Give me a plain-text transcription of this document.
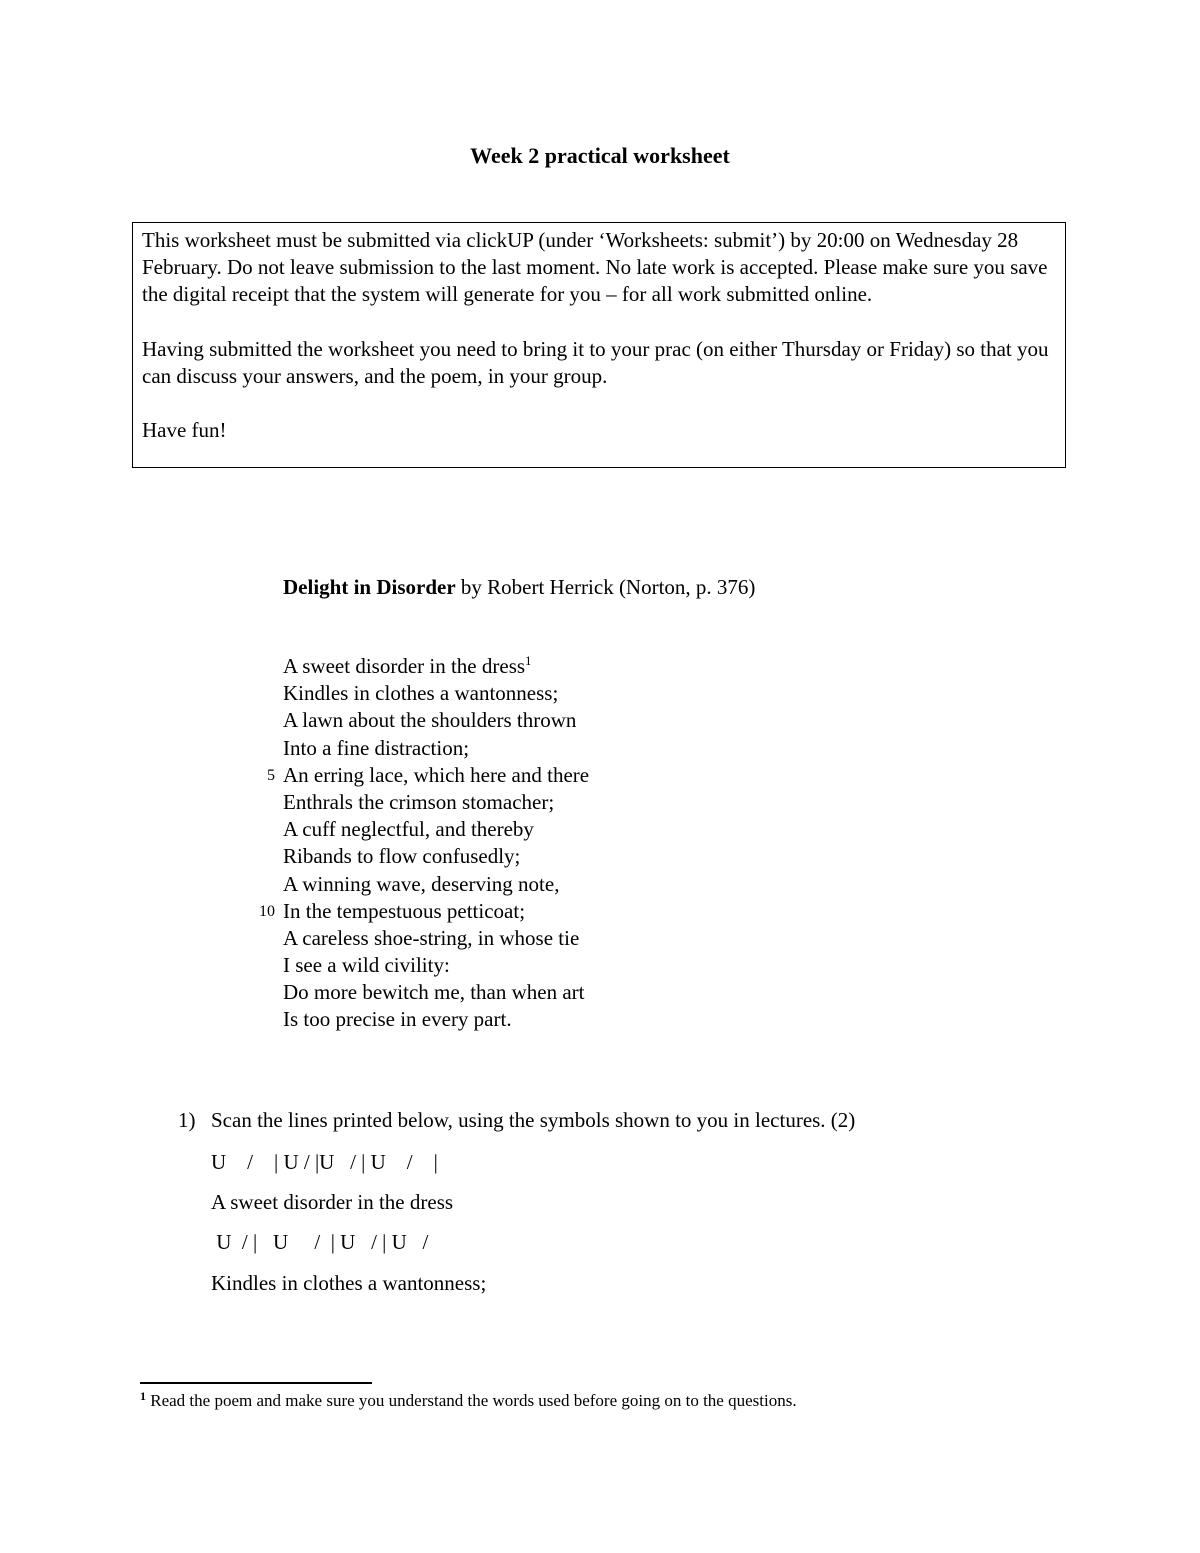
Week 2 practical worksheet

This worksheet must be submitted via clickUP (under ‘Worksheets: submit’) by 20:00 on Wednesday 28 February. Do not leave submission to the last moment. No late work is accepted. Please make sure you save the digital receipt that the system will generate for you – for all work submitted online.

Having submitted the worksheet you need to bring it to your prac (on either Thursday or Friday) so that you can discuss your answers, and the poem, in your group.

Have fun!

Delight in Disorder by Robert Herrick (Norton, p. 376)
A sweet disorder in the dress$^1$
Kindles in clothes a wantonness;
A lawn about the shoulders thrown
Into a fine distraction;
5 An erring lace, which here and there
Enthrals the crimson stomacher;
A cuff neglectful, and thereby
Ribands to flow confusedly;
A winning wave, deserving note,
10 In the tempestuous petticoat;
A careless shoe-string, in whose tie
I see a wild civility:
Do more bewitch me, than when art
Is too precise in every part.
1) Scan the lines printed below, using the symbols shown to you in lectures. (2)
U    /    | U / |U   / | U    /    |
A sweet disorder in the dress
U  / |   U     /  | U   / | U   /
Kindles in clothes a wantonness;
$^1$ Read the poem and make sure you understand the words used before going on to the questions.
